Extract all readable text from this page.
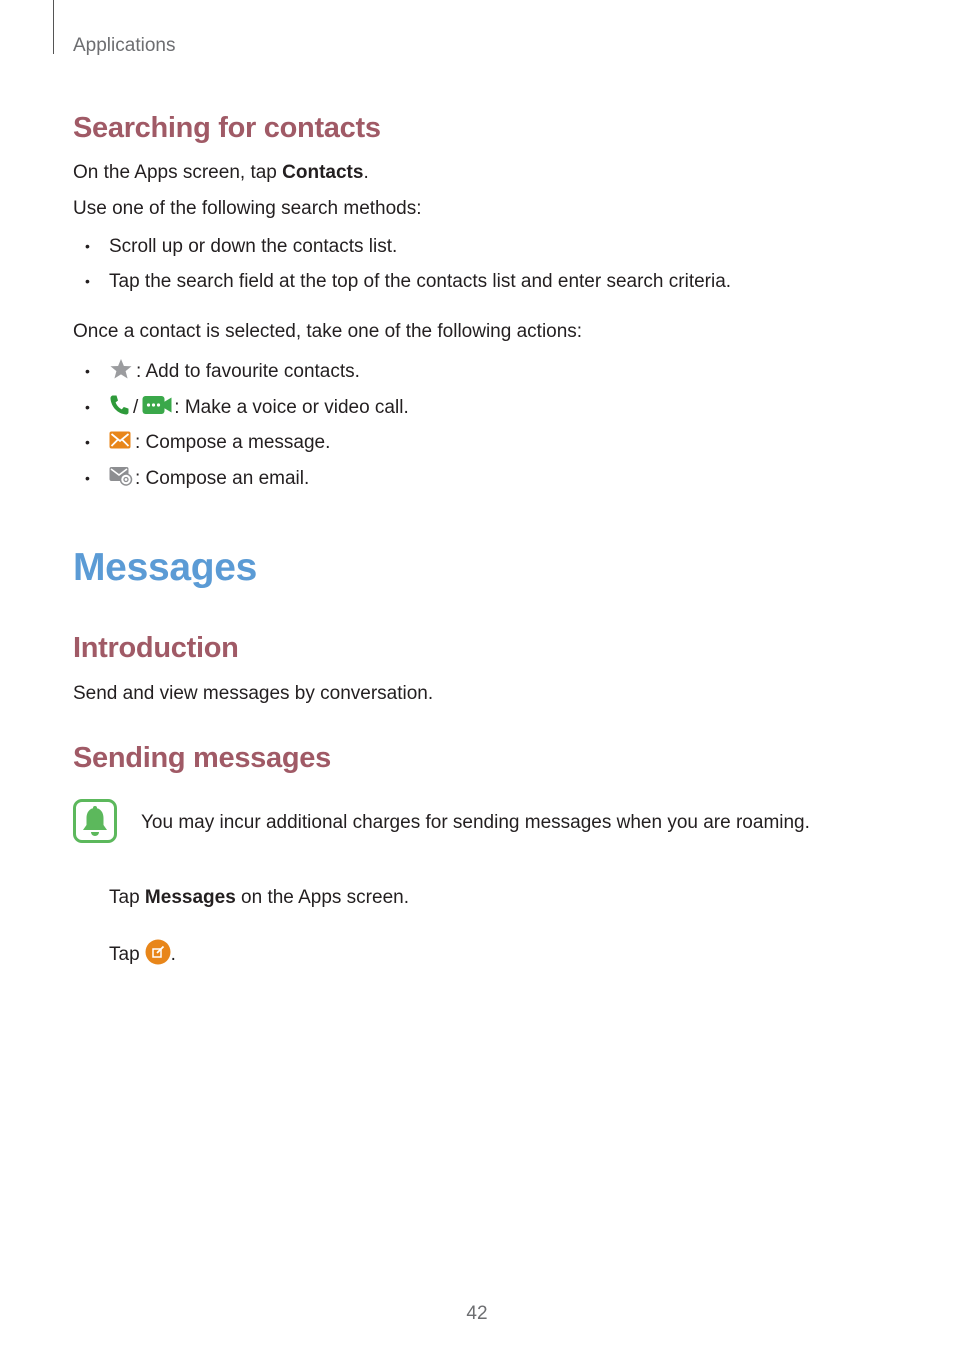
Applications
Searching for contacts
On the Apps screen, tap Contacts.
Use one of the following search methods:
• Scroll up or down the contacts list.
• Tap the search field at the top of the contacts list and enter search criteria.
Once a contact is selected, take one of the following actions:
• : Add to favourite contacts.
• / : Make a voice or video call.
• : Compose a message.
• : Compose an email.
Messages
Introduction
Send and view messages by conversation.
Sending messages
You may incur additional charges for sending messages when you are roaming.
Tap Messages on the Apps screen.
Tap .
42
